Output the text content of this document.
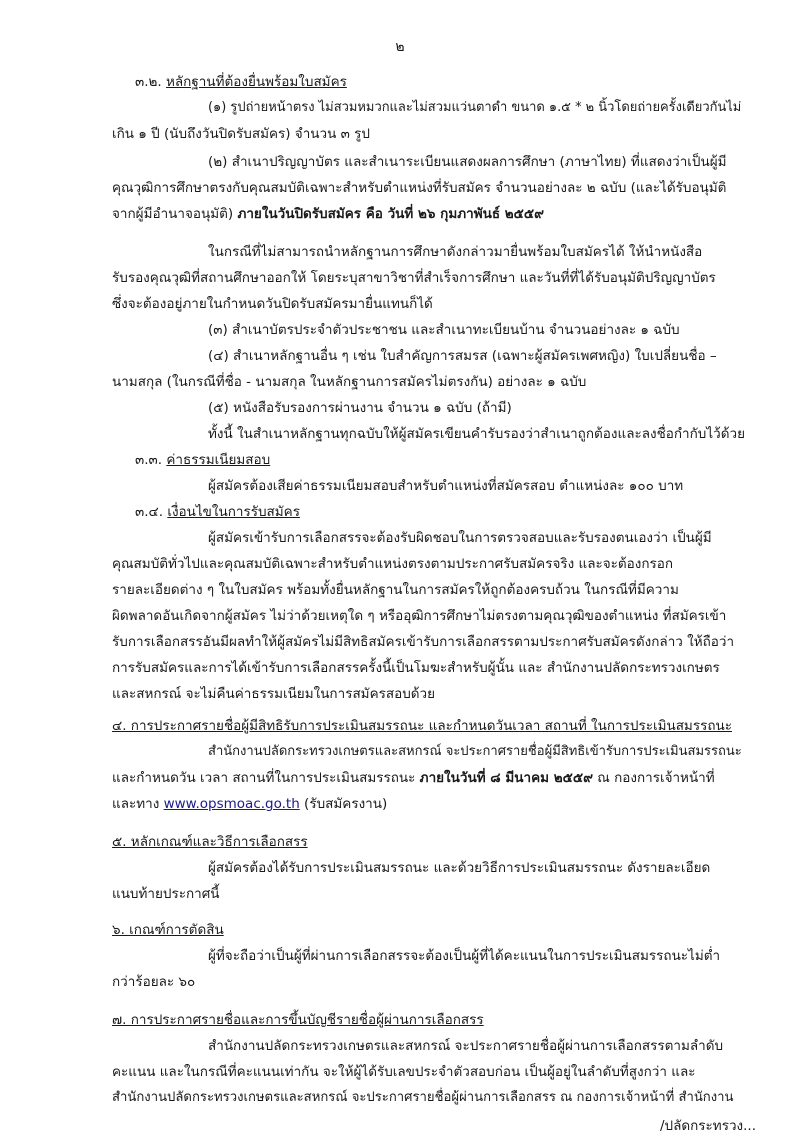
๒
๓.๒. หลักฐานที่ต้องยื่นพร้อมใบสมัคร
(๑) รูปถ่ายหน้าตรง ไม่สวมหมวกและไม่สวมแว่นตาดำ ขนาด ๑.๕ * ๒ นิ้วโดยถ่ายครั้งเดียวกันไม่
เกิน ๑ ปี (นับถึงวันปิดรับสมัคร) จำนวน ๓ รูป
(๒) สำเนาปริญญาบัตร และสำเนาระเบียนแสดงผลการศึกษา (ภาษาไทย) ที่แสดงว่าเป็นผู้มี
คุณวุฒิการศึกษาตรงกับคุณสมบัติเฉพาะสำหรับตำแหน่งที่รับสมัคร จำนวนอย่างละ ๒ ฉบับ (และได้รับอนุมัติ
จากผู้มีอำนาจอนุมัติ) ภายในวันปิดรับสมัคร คือ วันที่ ๒๖ กุมภาพันธ์ ๒๕๕๙
ในกรณีที่ไม่สามารถนำหลักฐานการศึกษาดังกล่าวมายื่นพร้อมใบสมัครได้ ให้นำหนังสือ
รับรองคุณวุฒิที่สถานศึกษาออกให้ โดยระบุสาขาวิชาที่สำเร็จการศึกษา และวันที่ที่ได้รับอนุมัติปริญญาบัตร
ซึ่งจะต้องอยู่ภายในกำหนดวันปิดรับสมัครมายื่นแทนก็ได้
(๓) สำเนาบัตรประจำตัวประชาชน และสำเนาทะเบียนบ้าน จำนวนอย่างละ ๑ ฉบับ
(๔) สำเนาหลักฐานอื่น ๆ เช่น ใบสำคัญการสมรส (เฉพาะผู้สมัครเพศหญิง) ใบเปลี่ยนชื่อ –
นามสกุล (ในกรณีที่ชื่อ - นามสกุล ในหลักฐานการสมัครไม่ตรงกัน) อย่างละ ๑ ฉบับ
(๕) หนังสือรับรองการผ่านงาน จำนวน ๑ ฉบับ (ถ้ามี)
ทั้งนี้ ในสำเนาหลักฐานทุกฉบับให้ผู้สมัครเขียนคำรับรองว่าสำเนาถูกต้องและลงชื่อกำกับไว้ด้วย
๓.๓. ค่าธรรมเนียมสอบ
ผู้สมัครต้องเสียค่าธรรมเนียมสอบสำหรับตำแหน่งที่สมัครสอบ ตำแหน่งละ ๑๐๐ บาท
๓.๔. เงื่อนไขในการรับสมัคร
ผู้สมัครเข้ารับการเลือกสรรจะต้องรับผิดชอบในการตรวจสอบและรับรองตนเองว่า เป็นผู้มี
คุณสมบัติทั่วไปและคุณสมบัติเฉพาะสำหรับตำแหน่งตรงตามประกาศรับสมัครจริง และจะต้องกรอก
รายละเอียดต่าง ๆ ในใบสมัคร พร้อมทั้งยื่นหลักฐานในการสมัครให้ถูกต้องครบถ้วน ในกรณีที่มีความ
ผิดพลาดอันเกิดจากผู้สมัคร ไม่ว่าด้วยเหตุใด ๆ หรืออุฒิการศึกษาไม่ตรงตามคุณวุฒิของตำแหน่ง ที่สมัครเข้า
รับการเลือกสรรอันมีผลทำให้ผู้สมัครไม่มีสิทธิสมัครเข้ารับการเลือกสรรตามประกาศรับสมัครดังกล่าว ให้ถือว่า
การรับสมัครและการได้เข้ารับการเลือกสรรครั้งนี้เป็นโมฆะสำหรับผู้นั้น และ สำนักงานปลัดกระทรวงเกษตร
และสหกรณ์ จะไม่คืนค่าธรรมเนียมในการสมัครสอบด้วย
๔. การประกาศรายชื่อผู้มีสิทธิรับการประเมินสมรรถนะ และกำหนดวันเวลา สถานที่ ในการประเมินสมรรถนะ
สำนักงานปลัดกระทรวงเกษตรและสหกรณ์ จะประกาศรายชื่อผู้มีสิทธิเข้ารับการประเมินสมรรถนะ
และกำหนดวัน เวลา สถานที่ในการประเมินสมรรถนะ ภายในวันที่ ๘ มีนาคม ๒๕๕๙ ณ กองการเจ้าหน้าที่
และทาง www.opsmoac.go.th (รับสมัครงาน)
๕. หลักเกณฑ์และวิธีการเลือกสรร
ผู้สมัครต้องได้รับการประเมินสมรรถนะ และด้วยวิธีการประเมินสมรรถนะ ดังรายละเอียด
แนบท้ายประกาศนี้
๖. เกณฑ์การตัดสิน
ผู้ที่จะถือว่าเป็นผู้ที่ผ่านการเลือกสรรจะต้องเป็นผู้ที่ได้คะแนนในการประเมินสมรรถนะไม่ต่ำ
กว่าร้อยละ ๖๐
๗. การประกาศรายชื่อและการขึ้นบัญชีรายชื่อผู้ผ่านการเลือกสรร
สำนักงานปลัดกระทรวงเกษตรและสหกรณ์ จะประกาศรายชื่อผู้ผ่านการเลือกสรรตามลำดับ
คะแนน และในกรณีที่คะแนนเท่ากัน จะให้ผู้ได้รับเลขประจำตัวสอบก่อน เป็นผู้อยู่ในลำดับที่สูงกว่า และ
สำนักงานปลัดกระทรวงเกษตรและสหกรณ์ จะประกาศรายชื่อผู้ผ่านการเลือกสรร ณ กองการเจ้าหน้าที่ สำนักงาน
/ปลัดกระทรวง...
